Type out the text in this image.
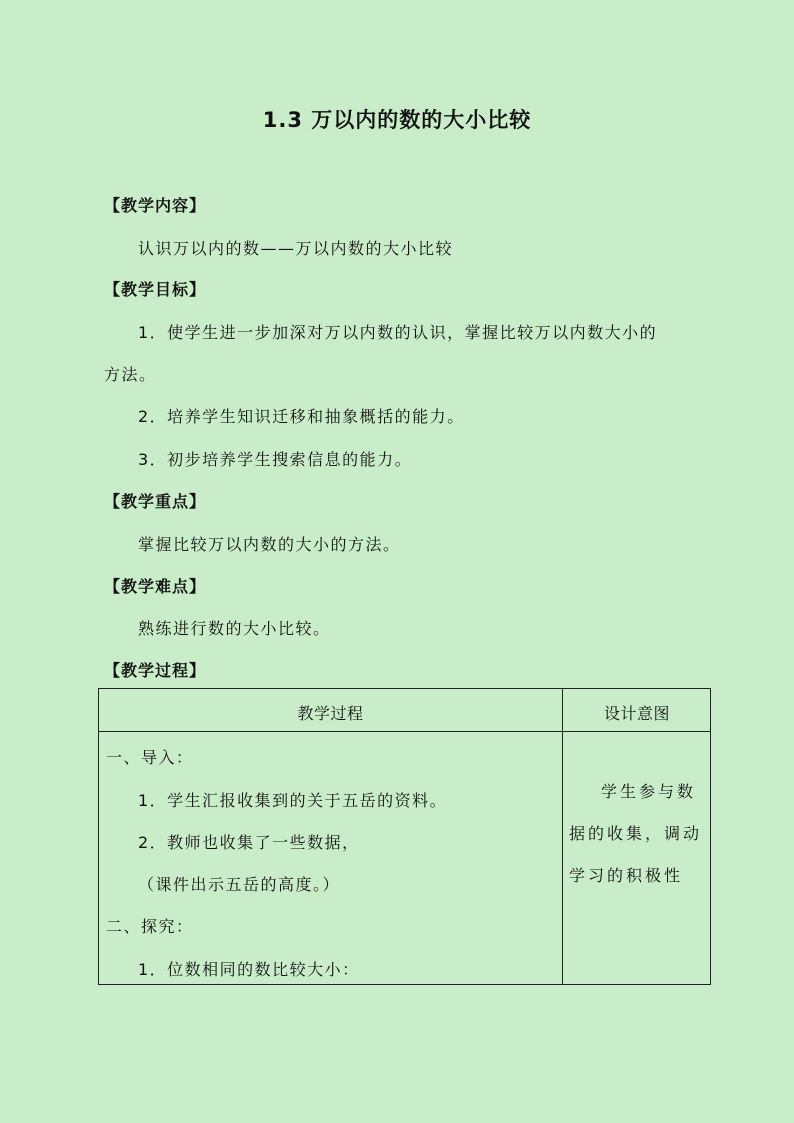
1.3 万以内的数的大小比较
【教学内容】
认识万以内的数——万以内数的大小比较
【教学目标】
1．使学生进一步加深对万以内数的认识，掌握比较万以内数大小的
方法。
2．培养学生知识迁移和抽象概括的能力。
3．初步培养学生搜索信息的能力。
【教学重点】
掌握比较万以内数的大小的方法。
【教学难点】
熟练进行数的大小比较。
【教学过程】
教学过程	设计意图
一、导入：
1．学生汇报收集到的关于五岳的资料。
2．教师也收集了一些数据，
（课件出示五岳的高度。）
二、探究：
1．位数相同的数比较大小：
学生参与数据的收集，调动学习的积极性
